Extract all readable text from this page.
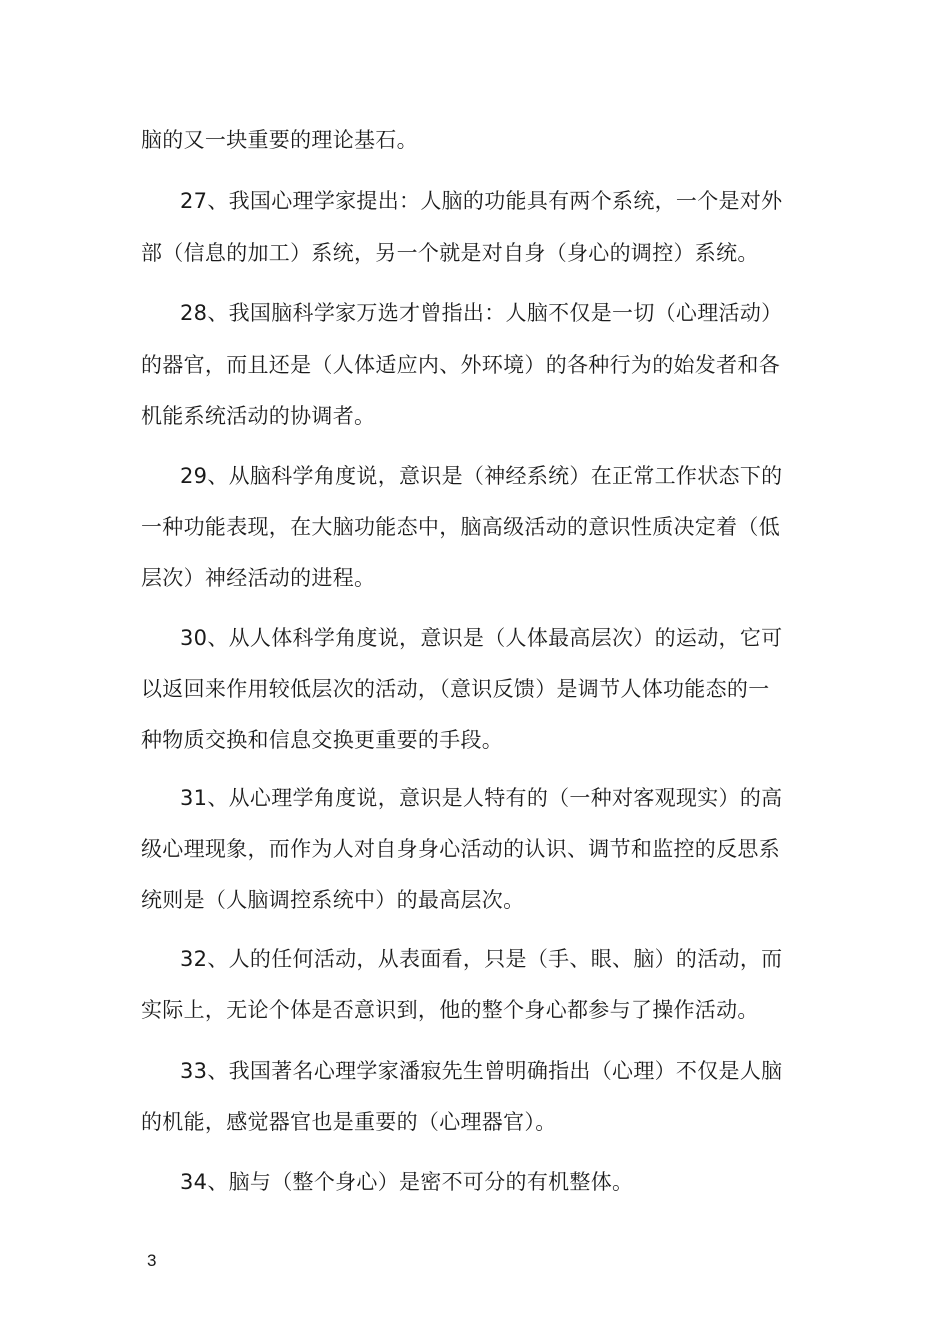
脑的又一块重要的理论基石。
27、我国心理学家提出：人脑的功能具有两个系统，一个是对外
部（信息的加工）系统，另一个就是对自身（身心的调控）系统。
28、我国脑科学家万选才曾指出：人脑不仅是一切（心理活动）
的器官，而且还是（人体适应内、外环境）的各种行为的始发者和各
机能系统活动的协调者。
29、从脑科学角度说，意识是（神经系统）在正常工作状态下的
一种功能表现，在大脑功能态中，脑高级活动的意识性质决定着（低
层次）神经活动的进程。
30、从人体科学角度说，意识是（人体最高层次）的运动，它可
以返回来作用较低层次的活动，（意识反馈）是调节人体功能态的一
种物质交换和信息交换更重要的手段。
31、从心理学角度说，意识是人特有的（一种对客观现实）的高
级心理现象，而作为人对自身身心活动的认识、调节和监控的反思系
统则是（人脑调控系统中）的最高层次。
32、人的任何活动，从表面看，只是（手、眼、脑）的活动，而
实际上，无论个体是否意识到，他的整个身心都参与了操作活动。
33、我国著名心理学家潘寂先生曾明确指出（心理）不仅是人脑
的机能，感觉器官也是重要的（心理器官）。
34、脑与（整个身心）是密不可分的有机整体。
3
